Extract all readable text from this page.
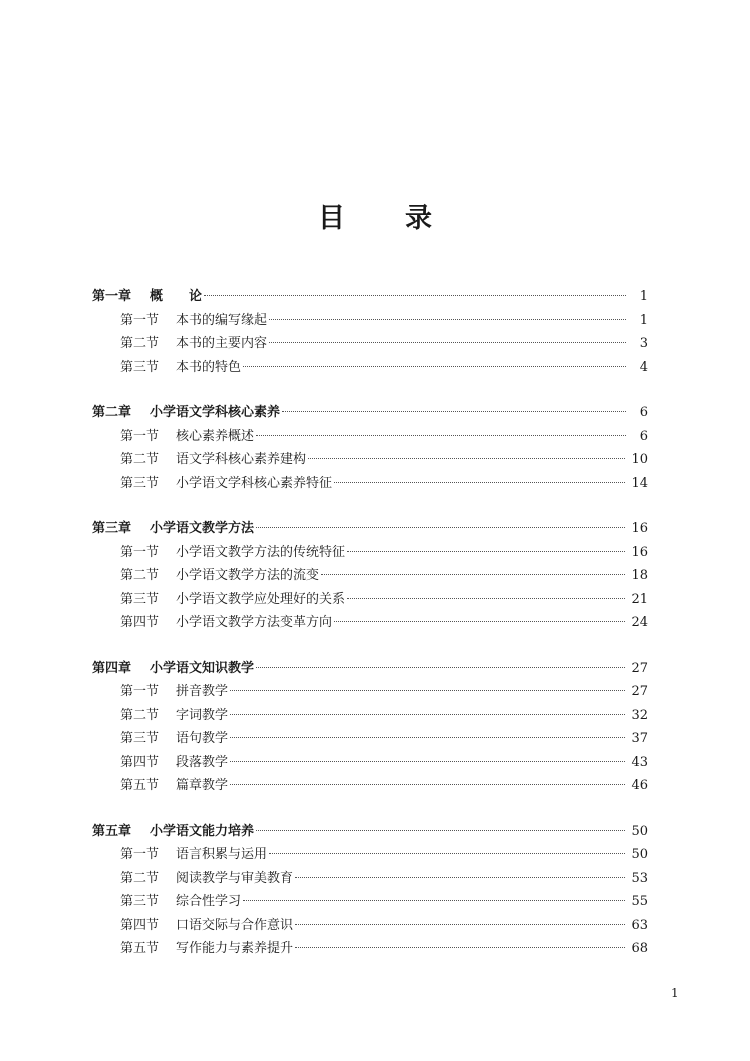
目 录
第一章	概　　论	1
第一节	本书的编写缘起	1
第二节	本书的主要内容	3
第三节	本书的特色	4
第二章	小学语文学科核心素养	6
第一节	核心素养概述	6
第二节	语文学科核心素养建构	10
第三节	小学语文学科核心素养特征	14
第三章	小学语文教学方法	16
第一节	小学语文教学方法的传统特征	16
第二节	小学语文教学方法的流变	18
第三节	小学语文教学应处理好的关系	21
第四节	小学语文教学方法变革方向	24
第四章	小学语文知识教学	27
第一节	拼音教学	27
第二节	字词教学	32
第三节	语句教学	37
第四节	段落教学	43
第五节	篇章教学	46
第五章	小学语文能力培养	50
第一节	语言积累与运用	50
第二节	阅读教学与审美教育	53
第三节	综合性学习	55
第四节	口语交际与合作意识	63
第五节	写作能力与素养提升	68
1
